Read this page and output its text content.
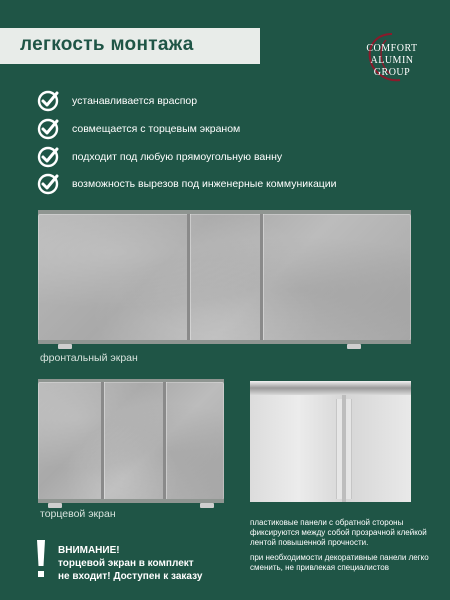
легкость монтажа	COMFORT
ALUMIN
GROUP
устанавливается враспор
совмещается с торцевым экраном
подходит под любую прямоугольную ванну
возможность вырезов под инженерные коммуникации
фронтальный экран
торцевой экран
пластиковые панели с обратной стороны фиксируются между собой прозрачной клейкой лентой повышенной прочности.
при необходимости декоративные панели легко сменить, не привлекая специалистов
ВНИМАНИЕ!
торцевой экран в комплект
не входит! Доступен к заказу
